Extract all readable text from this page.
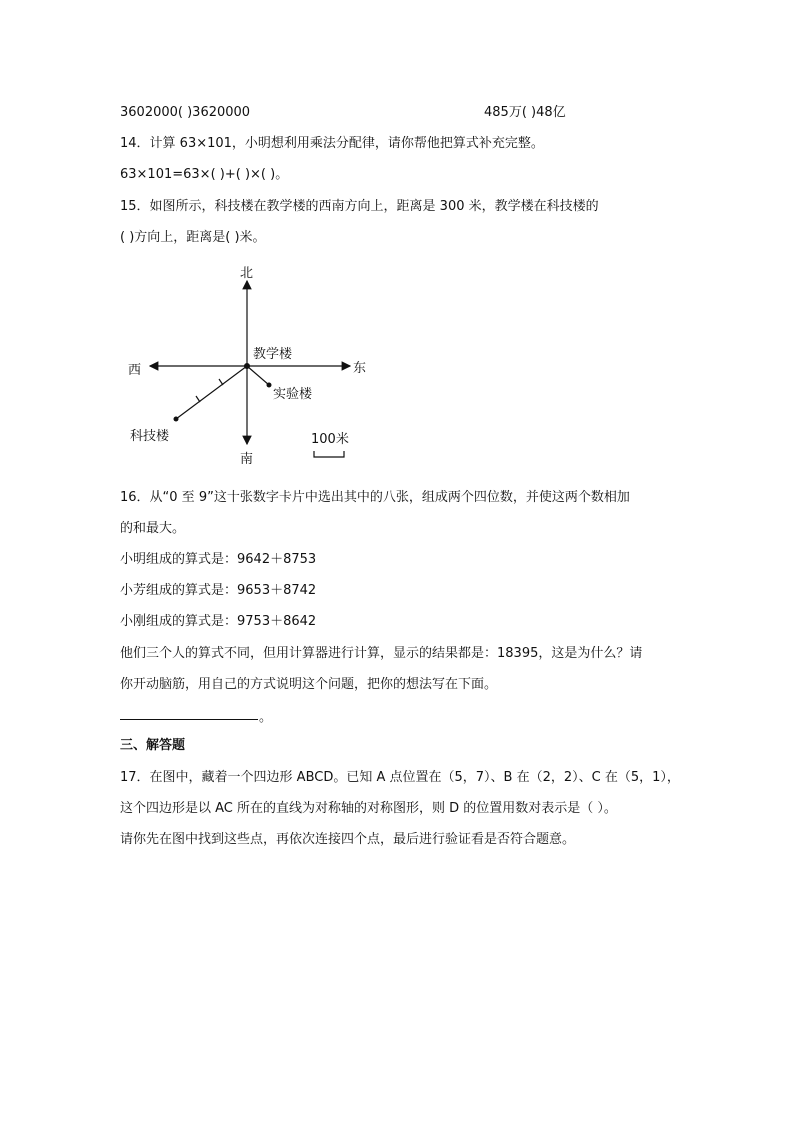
3602000( )3620000	485万( )48亿
14．计算 63×101，小明想利用乘法分配律，请你帮他把算式补充完整。
63×101=63×( )+( )×( )。
15．如图所示，科技楼在教学楼的西南方向上，距离是 300 米，教学楼在科技楼的
( )方向上，距离是( )米。
北
南
西	东
教学楼
实验楼
科技楼	100米
16．从“0 至 9”这十张数字卡片中选出其中的八张，组成两个四位数，并使这两个数相加
的和最大。
小明组成的算式是：9642＋8753
小芳组成的算式是：9653＋8742
小刚组成的算式是：9753＋8642
他们三个人的算式不同，但用计算器进行计算，显示的结果都是：18395，这是为什么？请
你开动脑筋，用自己的方式说明这个问题，把你的想法写在下面。
。
三、解答题
17．在图中，藏着一个四边形 ABCD。已知 A 点位置在（5，7）、B 在（2，2）、C 在（5，1），
这个四边形是以 AC 所在的直线为对称轴的对称图形，则 D 的位置用数对表示是（ ）。
请你先在图中找到这些点，再依次连接四个点，最后进行验证看是否符合题意。
